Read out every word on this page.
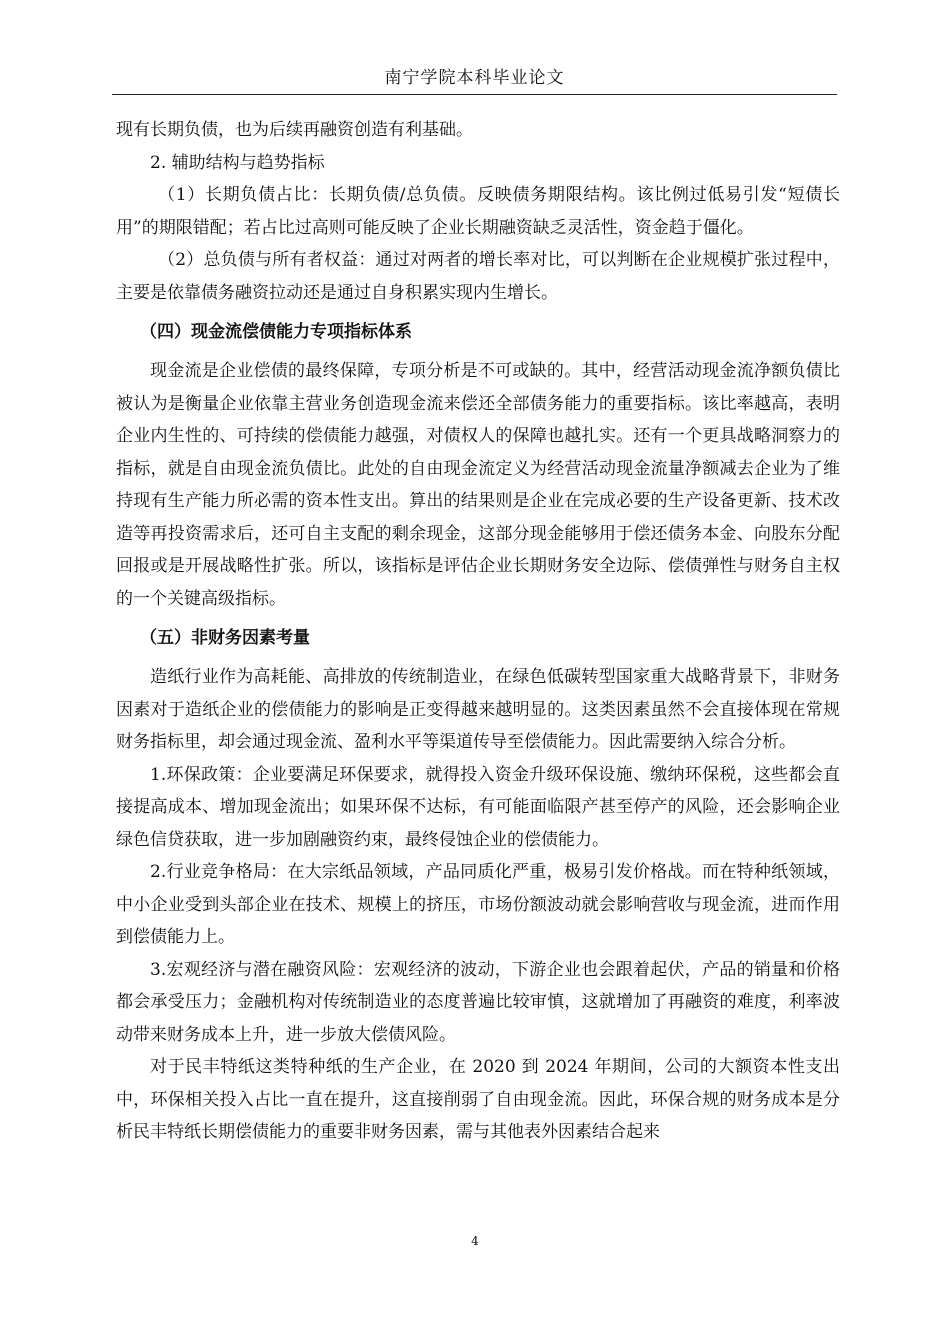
南宁学院本科毕业论文

现有长期负债，也为后续再融资创造有利基础。

2. 辅助结构与趋势指标

（1）长期负债占比：长期负债/总负债。反映债务期限结构。该比例过低易引发“短债长用”的期限错配；若占比过高则可能反映了企业长期融资缺乏灵活性，资金趋于僵化。

（2）总负债与所有者权益：通过对两者的增长率对比，可以判断在企业规模扩张过程中，主要是依靠债务融资拉动还是通过自身积累实现内生增长。

（四）现金流偿债能力专项指标体系

现金流是企业偿债的最终保障，专项分析是不可或缺的。其中，经营活动现金流净额负债比被认为是衡量企业依靠主营业务创造现金流来偿还全部债务能力的重要指标。该比率越高，表明企业内生性的、可持续的偿债能力越强，对债权人的保障也越扎实。还有一个更具战略洞察力的指标，就是自由现金流负债比。此处的自由现金流定义为经营活动现金流量净额减去企业为了维持现有生产能力所必需的资本性支出。算出的结果则是企业在完成必要的生产设备更新、技术改造等再投资需求后，还可自主支配的剩余现金，这部分现金能够用于偿还债务本金、向股东分配回报或是开展战略性扩张。所以，该指标是评估企业长期财务安全边际、偿债弹性与财务自主权的一个关键高级指标。

（五）非财务因素考量

造纸行业作为高耗能、高排放的传统制造业，在绿色低碳转型国家重大战略背景下，非财务因素对于造纸企业的偿债能力的影响是正变得越来越明显的。这类因素虽然不会直接体现在常规财务指标里，却会通过现金流、盈利水平等渠道传导至偿债能力。因此需要纳入综合分析。

1.环保政策：企业要满足环保要求，就得投入资金升级环保设施、缴纳环保税，这些都会直接提高成本、增加现金流出；如果环保不达标，有可能面临限产甚至停产的风险，还会影响企业绿色信贷获取，进一步加剧融资约束，最终侵蚀企业的偿债能力。

2.行业竞争格局：在大宗纸品领域，产品同质化严重，极易引发价格战。而在特种纸领域，中小企业受到头部企业在技术、规模上的挤压，市场份额波动就会影响营收与现金流，进而作用到偿债能力上。

3.宏观经济与潜在融资风险：宏观经济的波动，下游企业也会跟着起伏，产品的销量和价格都会承受压力；金融机构对传统制造业的态度普遍比较审慎，这就增加了再融资的难度，利率波动带来财务成本上升，进一步放大偿债风险。

对于民丰特纸这类特种纸的生产企业，在 2020 到 2024 年期间，公司的大额资本性支出中，环保相关投入占比一直在提升，这直接削弱了自由现金流。因此，环保合规的财务成本是分析民丰特纸长期偿债能力的重要非财务因素，需与其他表外因素结合起来

4
